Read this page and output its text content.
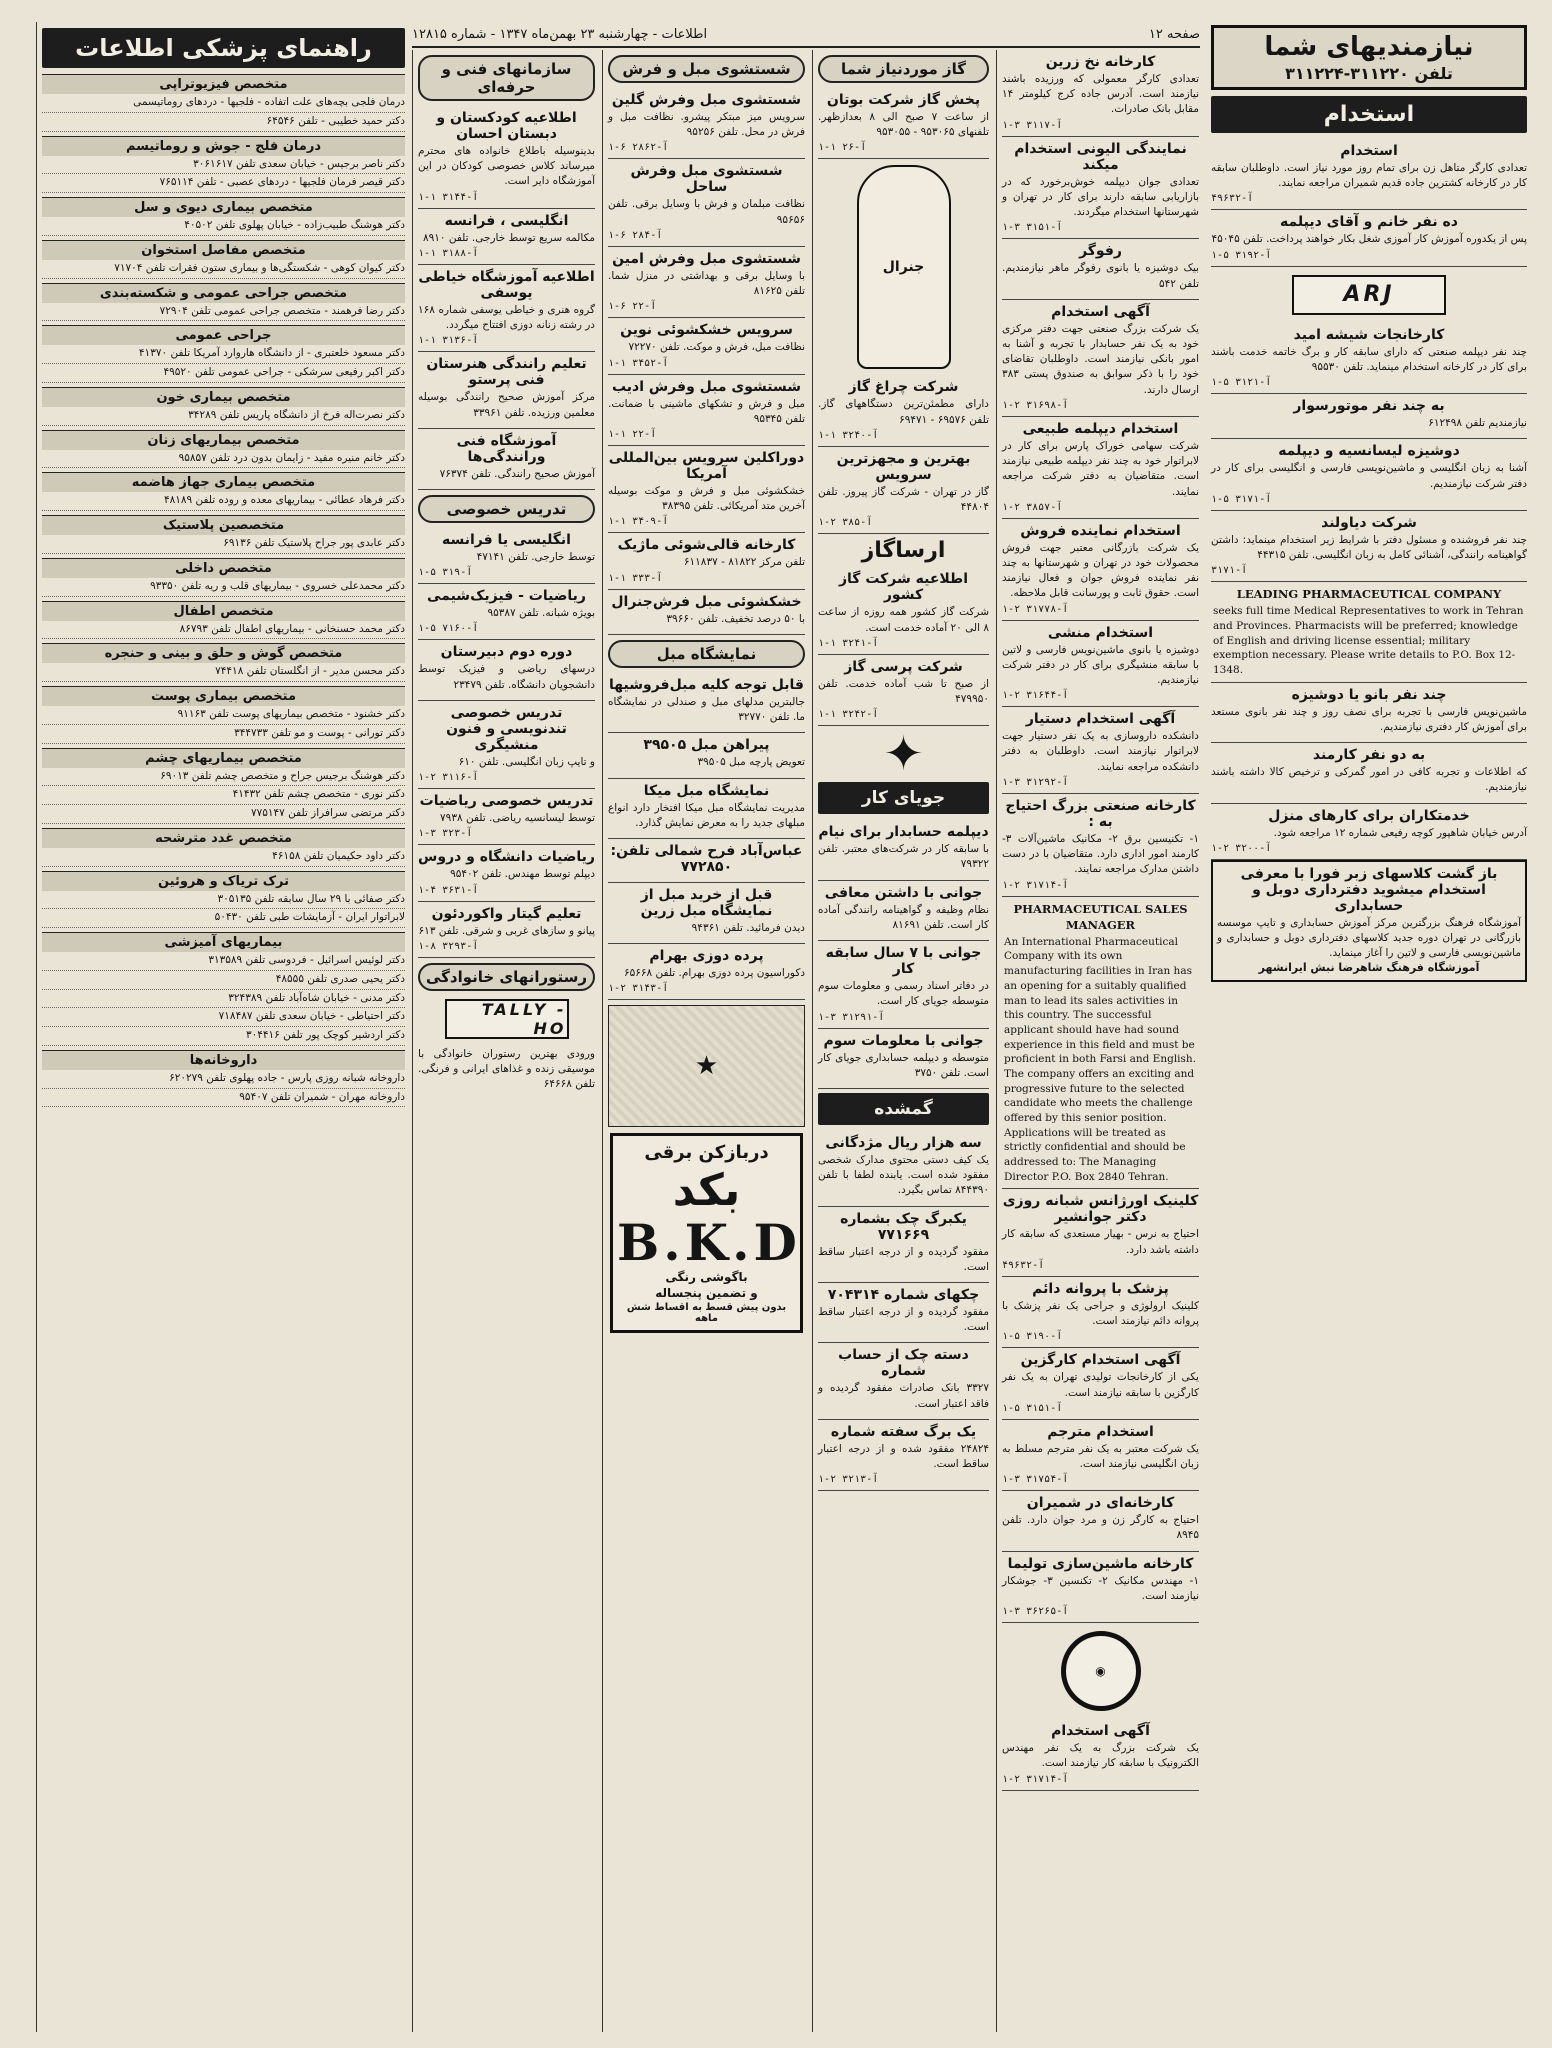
صفحه ۱۲
اطلاعات - چهارشنبه ۲۳ بهمن‌ماه ۱۳۴۷ - شماره ۱۲۸۱۵	نیازمندیهای شما
تلفن ۳۱۱۲۲۰-۳۱۱۲۲۴
استخدام
استخدام
تعدادی کارگر متاهل زن برای تمام روز مورد نیاز است. داوطلبان سابقه کار در کارخانه کشترین جاده قدیم شمیران مراجعه نمایند.
آ-۴۹۶۳۲
ده نفر خانم و آقای دیپلمه
پس از یکدوره آموزش کار آموزی شغل بکار خواهند پرداخت. تلفن ۴۵۰۴۵
آ-۳۱۹۲ ۵-۱
ARJ
کارخانجات شیشه امید
چند نفر دیپلمه صنعتی که دارای سابقه کار و برگ خاتمه خدمت باشند برای کار در کارخانه استخدام مینماید. تلفن ۹۵۵۳۰
آ-۳۱۲۱ ۵-۱
به چند نفر موتورسوار
نیازمندیم تلفن ۶۱۲۴۹۸
دوشیزه لیسانسیه و دیپلمه
آشنا به زبان انگلیسی و ماشین‌نویسی فارسی و انگلیسی برای کار در دفتر شرکت نیازمندیم.
آ-۳۱۷۱ ۵-۱
شرکت دیاولند
چند نفر فروشنده و مسئول دفتر با شرایط زیر استخدام مینماید: داشتن گواهینامه رانندگی، آشنائی کامل به زبان انگلیسی. تلفن ۴۴۳۱۵
آ-۳۱۷۱
LEADING PHARMACEUTICAL COMPANY
seeks full time Medical Representatives to work in Tehran and Provinces. Pharmacists will be preferred; knowledge of English and driving license essential; military exemption necessary. Please write details to P.O. Box 12-1348.
چند نفر بانو یا دوشیزه
ماشین‌نویس فارسی با تجربه برای نصف روز و چند نفر بانوی مستعد برای آموزش کار دفتری نیازمندیم.
به دو نفر کارمند
که اطلاعات و تجربه کافی در امور گمرکی و ترخیص کالا داشته باشند نیازمندیم.
خدمتکاران برای کارهای منزل
آدرس خیابان شاهپور کوچه رفیعی شماره ۱۲ مراجعه شود.
آ-۳۲۰۰ ۲-۱
باز گشت کلاسهای زبر فورا با معرفی استخدام میشوید دفترداری دوبل و حسابداری
آموزشگاه فرهنگ بزرگترین مرکز آموزش حسابداری و تایپ موسسه بازرگانی در تهران دوره جدید کلاسهای دفترداری دوبل و حسابداری و ماشین‌نویسی فارسی و لاتین را آغاز مینماید.
آموزشگاه فرهنگ شاهرضا نبش ایرانشهر
کارخانه نخ زرین
تعدادی کارگر معمولی که ورزیده باشند نیازمند است. آدرس جاده کرج کیلومتر ۱۴ مقابل بانک صادرات.
آ-۳۱۱۷ ۳-۱
نمایندگی الیونی استخدام میکند
تعدادی جوان دیپلمه خوش‌برخورد که در بازاریابی سابقه دارند برای کار در تهران و شهرستانها استخدام میگردند.
آ-۳۱۵۱ ۳-۱
رفوگر
بیک دوشیزه یا بانوی رفوگر ماهر نیازمندیم. تلفن ۵۴۲
آگهی استخدام
یک شرکت بزرگ صنعتی جهت دفتر مرکزی خود به یک نفر حسابدار با تجربه و آشنا به امور بانکی نیازمند است. داوطلبان تقاضای خود را با ذکر سوابق به صندوق پستی ۳۸۳ ارسال دارند.
آ-۳۱۶۹۸ ۲-۱
استخدام دیپلمه طبیعی
شرکت سهامی خوراک پارس برای کار در لابراتوار خود به چند نفر دیپلمه طبیعی نیازمند است. متقاضیان به دفتر شرکت مراجعه نمایند.
آ-۳۸۵۷ ۲-۱
استخدام نماینده فروش
یک شرکت بازرگانی معتبر جهت فروش محصولات خود در تهران و شهرستانها به چند نفر نماینده فروش جوان و فعال نیازمند است. حقوق ثابت و پورسانت قابل ملاحظه.
آ-۳۱۷۷۸ ۲-۱
استخدام منشی
دوشیزه یا بانوی ماشین‌نویس فارسی و لاتین با سابقه منشیگری برای کار در دفتر شرکت نیازمندیم.
آ-۳۱۶۴۴ ۲-۱
آگهی استخدام دستیار
دانشکده داروسازی به یک نفر دستیار جهت لابراتوار نیازمند است. داوطلبان به دفتر دانشکده مراجعه نمایند.
آ-۳۱۲۹۲ ۳-۱
کارخانه صنعتی بزرگ احتیاج به :
۱- تکنیسین برق ۲- مکانیک ماشین‌آلات ۳- کارمند امور اداری دارد. متقاضیان با در دست داشتن مدارک مراجعه نمایند.
آ-۳۱۷۱۴ ۲-۱
PHARMACEUTICAL SALES MANAGER
An International Pharmaceutical Company with its own manufacturing facilities in Iran has an opening for a suitably qualified man to lead its sales activities in this country. The successful applicant should have had sound experience in this field and must be proficient in both Farsi and English. The company offers an exciting and progressive future to the selected candidate who meets the challenge offered by this senior position. Applications will be treated as strictly confidential and should be addressed to: The Managing Director P.O. Box 2840 Tehran.
کلینیک اورژانس شبانه روزی دکتر جوانشیر
احتیاج به نرس - بهیار مستعدی که سابقه کار داشته باشد دارد.
آ-۴۹۶۳۲
پزشک با پروانه دائم
کلینیک ارولوژی و جراحی یک نفر پزشک با پروانه دائم نیازمند است.
آ-۳۱۹۰ ۵-۱
آگهی استخدام کارگزین
یکی از کارخانجات تولیدی تهران به یک نفر کارگزین با سابقه نیازمند است.
آ-۳۱۵۱ ۵-۱
استخدام مترجم
یک شرکت معتبر به یک نفر مترجم مسلط به زبان انگلیسی نیازمند است.
آ-۳۱۷۵۴ ۳-۱
کارخانه‌ای در شمیران
احتیاج به کارگر زن و مرد جوان دارد. تلفن ۸۹۴۵
کارخانه ماشین‌سازی تولیما
۱- مهندس مکانیک ۲- تکنسین ۳- جوشکار نیازمند است.
آ-۳۶۲۶۵ ۳-۱
◉
آگهی استخدام
یک شرکت بزرگ به یک نفر مهندس الکترونیک با سابقه کار نیازمند است.
آ-۳۱۷۱۴ ۲-۱
گاز موردنیاز شما
پخش گاز شرکت بوتان
از ساعت ۷ صبح الی ۸ بعدازظهر. تلفنهای ۹۵۳۰۶۵ - ۹۵۳۰۵۵
آ-۲۶ ۱-۱
جنرال
شرکت چراغ گاز
دارای مطمئن‌ترین دستگاههای گاز. تلفن ۶۹۵۷۶ - ۶۹۴۷۱
آ-۳۲۴۰ ۱-۱
بهترین و مجهزترین سرویس
گاز در تهران - شرکت گاز پیروز. تلفن ۴۴۸۰۴
آ-۳۸۵ ۲-۱
ارساگاز
اطلاعیه شرکت گاز کشور
شرکت گاز کشور همه روزه از ساعت ۸ الی ۲۰ آماده خدمت است.
آ-۳۲۴۱ ۱-۱
شرکت پرسی گاز
از صبح تا شب آماده خدمت. تلفن ۴۷۹۹۵۰
آ-۳۲۴۲ ۱-۱
✦
جویای کار
دیپلمه حسابدار برای نیام
با سابقه کار در شرکت‌های معتبر. تلفن ۷۹۳۲۲
جوانی با داشتن معافی
نظام وظیفه و گواهینامه رانندگی آماده کار است. تلفن ۸۱۶۹۱
جوانی با ۷ سال سابقه کار
در دفاتر اسناد رسمی و معلومات سوم متوسطه جویای کار است.
آ-۳۱۲۹۱ ۳-۱
جوانی با معلومات سوم
متوسطه و دیپلمه حسابداری جویای کار است. تلفن ۳۷۵۰
گمشده
سه هزار ریال مژدگانی
یک کیف دستی محتوی مدارک شخصی مفقود شده است. یابنده لطفا با تلفن ۸۴۴۳۹۰ تماس بگیرد.
یکبرگ چک بشماره ۷۷۱۶۶۹
مفقود گردیده و از درجه اعتبار ساقط است.
چکهای شماره ۷۰۴۳۱۴
مفقود گردیده و از درجه اعتبار ساقط است.
دسته چک از حساب شماره
۳۳۲۷ بانک صادرات مفقود گردیده و فاقد اعتبار است.
یک برگ سفته شماره
۲۴۸۲۴ مفقود شده و از درجه اعتبار ساقط است.
آ-۳۲۱۳ ۲-۱
شستشوی مبل و فرش
شستشوی مبل وفرش گلین
سرویس میز مبتکر پیشرو. نظافت مبل و فرش در محل. تلفن ۹۵۲۵۶
آ-۲۸۶۲ ۶-۱
شستشوی مبل وفرش ساحل
نظافت مبلمان و فرش با وسایل برقی. تلفن ۹۵۶۵۶
آ-۲۸۴ ۶-۱
شستشوی مبل وفرش امین
با وسایل برقی و بهداشتی در منزل شما. تلفن ۸۱۶۲۵
آ-۲۲ ۶-۱
سرویس خشکشوئی نوین
نظافت مبل، فرش و موکت. تلفن ۷۲۲۷۰
آ-۳۴۵۲ ۱-۱
شستشوی مبل وفرش ادیب
مبل و فرش و تشکهای ماشینی با ضمانت. تلفن ۹۵۳۴۵
آ-۲۲ ۱-۱
دوراکلین سرویس بین‌المللی آمریکا
خشکشوئی مبل و فرش و موکت بوسیله آخرین متد آمریکائی. تلفن ۳۸۳۹۵
آ-۳۴۰۹ ۱-۱
کارخانه قالی‌شوئی ماژیک
تلفن مرکز ۸۱۸۲۲ - ۶۱۱۸۳۷
آ-۳۳۳ ۱-۱
خشکشوئی مبل فرش‌جنرال
با ۵۰ درصد تخفیف. تلفن ۳۹۶۶۰
نمایشگاه مبل
قابل توجه کلیه مبل‌فروشیها
جالبترین مدلهای مبل و صندلی در نمایشگاه ما. تلفن ۳۲۷۷۰
پیراهن مبل ۳۹۵۰۵
تعویض پارچه مبل ۳۹۵۰۵
نمایشگاه مبل میکا
مدیریت نمایشگاه مبل میکا افتخار دارد انواع مبلهای جدید را به معرض نمایش گذارد.
عباس‌آباد فرح شمالی تلفن: ۷۷۲۸۵۰
قبل از خرید مبل از نمایشگاه مبل زرین
دیدن فرمائید. تلفن ۹۴۳۶۱
پرده دوزی بهرام
دکوراسیون پرده دوزی بهرام. تلفن ۶۵۶۶۸
آ-۳۱۴۳ ۲-۱
★
دربازکن برقی
بکد
B.K.D
باگوشی رنگی
و تضمین پنجساله
بدون پیش قسط به اقساط شش ماهه
سازمانهای فنی و حرفه‌ای
اطلاعیه کودکستان و دبستان احسان
بدینوسیله باطلاع خانواده های محترم میرساند کلاس خصوصی کودکان در این آموزشگاه دایر است.
آ-۳۱۴۴ ۱-۱
انگلیسی ، فرانسه
مکالمه سریع توسط خارجی. تلفن ۸۹۱۰
آ-۳۱۸۸ ۱-۱
اطلاعیه آموزشگاه خیاطی یوسفی
گروه هنری و خیاطی یوسفی شماره ۱۶۸ در رشته زنانه دوزی افتتاح میگردد.
آ-۳۱۳۶ ۱-۱
تعلیم رانندگی هنرستان فنی پرستو
مرکز آموزش صحیح رانندگی بوسیله معلمین ورزیده. تلفن ۳۳۹۶۱
آموزشگاه فنی ورانندگی‌ها
آموزش صحیح رانندگی. تلفن ۷۶۳۷۴
تدریس خصوصی
انگلیسی یا فرانسه
توسط خارجی. تلفن ۴۷۱۴۱
آ-۳۱۹ ۵-۱
ریاضیات - فیزیک‌شیمی
بویژه شبانه. تلفن ۹۵۳۸۷
آ-۷۱۶۰ ۵-۱
دوره دوم دبیرستان
درسهای ریاضی و فیزیک توسط دانشجویان دانشگاه. تلفن ۲۳۴۷۹
تدریس خصوصی تندنویسی و فنون منشیگری
و تایپ زبان انگلیسی. تلفن ۶۱۰
آ-۳۱۱۶ ۲-۱
تدریس خصوصی ریاضیات
توسط لیسانسیه ریاضی. تلفن ۷۹۳۸
آ-۳۲۳ ۳-۱
ریاضیات دانشگاه و دروس
دیپلم توسط مهندس. تلفن ۹۵۴۰۲
آ-۳۶۳۱ ۴-۱
تعلیم گیتار واکوردئون
پیانو و سازهای غربی و شرقی. تلفن ۶۱۳
آ-۳۲۹۳ ۸-۱
رستورانهای خانوادگی
TALLY - HO
ورودی بهترین رستوران خانوادگی با موسیقی زنده و غذاهای ایرانی و فرنگی. تلفن ۶۴۶۶۸
راهنمای پزشکی اطلاعات
متخصص فیزیوتراپی
درمان فلجی بچه‌های علت اتفاده - فلجیها - دردهای روماتیسمی
دکتر حمید خطیبی - تلفن ۶۴۵۴۶
درمان فلج - جوش و روماتیسم
دکتر ناصر برجیس - خیابان سعدی تلفن ۳۰۶۱۶۱۷
دکتر قیصر فرمان فلجیها - دردهای عصبی - تلفن ۷۶۵۱۱۴
متخصص بیماری دیوی و سل
دکتر هوشنگ طبیب‌زاده - خیابان پهلوی تلفن ۴۰۵۰۲
متخصص مفاصل استخوان
دکتر کیوان کوهی - شکستگی‌ها و بیماری ستون فقرات تلفن ۷۱۷۰۴
متخصص جراحی عمومی و شکسته‌بندی
دکتر رضا فرهمند - متخصص جراحی عمومی تلفن ۷۲۹۰۴
جراحی عمومی
دکتر مسعود خلعتبری - از دانشگاه هاروارد آمریکا تلفن ۴۱۳۷۰
دکتر اکبر رفیعی سرشکی - جراحی عمومی تلفن ۴۹۵۲۰
متخصص بیماری خون
دکتر نصرت‌اله فرخ از دانشگاه پاریس تلفن ۳۴۲۸۹
متخصص بیماریهای زنان
دکتر خانم منیره مفید - زایمان بدون درد تلفن ۹۵۸۵۷
متخصص بیماری جهاز هاضمه
دکتر فرهاد عطائی - بیماریهای معده و روده تلفن ۴۸۱۸۹
متخصصین پلاستیک
دکتر عابدی پور جراح پلاستیک تلفن ۶۹۱۳۶
متخصص داخلی
دکتر محمدعلی خسروی - بیماریهای قلب و ریه تلفن ۹۳۳۵۰
متخصص اطفال
دکتر محمد حسنخانی - بیماریهای اطفال تلفن ۸۶۷۹۳
متخصص گوش و حلق و بینی و حنجره
دکتر محسن مدیر - از انگلستان تلفن ۷۴۴۱۸
متخصص بیماری پوست
دکتر خشنود - متخصص بیماریهای پوست تلفن ۹۱۱۶۳
دکتر تورانی - پوست و مو تلفن ۳۴۴۷۳۳
متخصص بیماریهای چشم
دکتر هوشنگ برجیس جراح و متخصص چشم تلفن ۶۹۰۱۳
دکتر نوری - متخصص چشم تلفن ۴۱۴۳۲
دکتر مرتضی سرافراز تلفن ۷۷۵۱۴۷
متخصص غدد مترشحه
دکتر داود حکیمیان تلفن ۴۶۱۵۸
ترک تریاک و هروئین
دکتر صفائی با ۲۹ سال سابقه تلفن ۳۰۵۱۳۵
لابراتوار ایران - آزمایشات طبی تلفن ۵۰۴۳۰
بیماریهای آمیزشی
دکتر لوئیس اسرائیل - فردوسی تلفن ۳۱۳۵۸۹
دکتر یحیی صدری تلفن ۴۸۵۵۵
دکتر مدنی - خیابان شاه‌آباد تلفن ۳۲۴۳۸۹
دکتر احتیاطی - خیابان سعدی تلفن ۷۱۸۴۸۷
دکتر اردشیر کوچک پور تلفن ۳۰۴۴۱۶
داروخانه‌ها
داروخانه شبانه روزی پارس - جاده پهلوی تلفن ۶۲۰۲۷۹
داروخانه مهران - شمیران تلفن ۹۵۴۰۷
